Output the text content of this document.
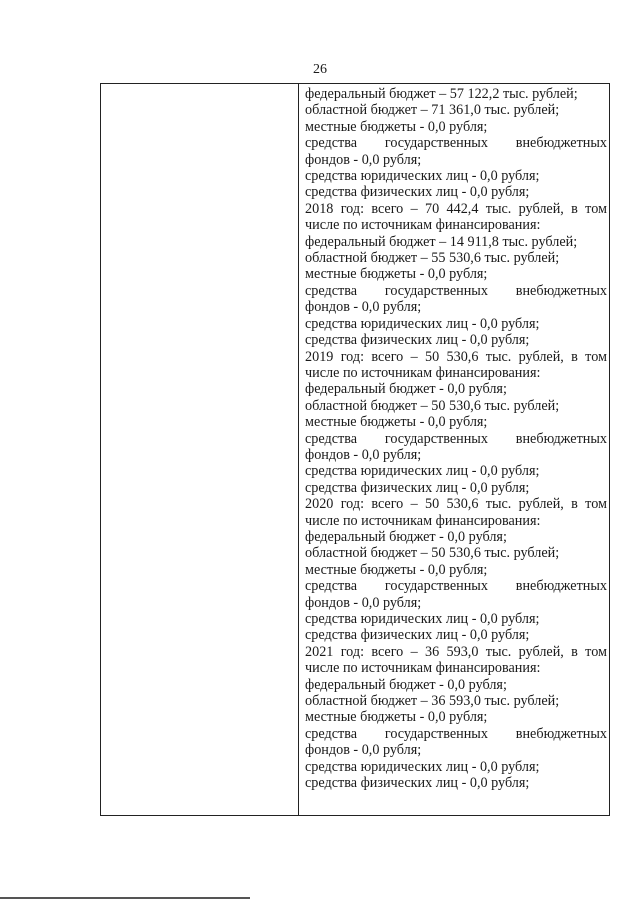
26
федеральный бюджет – 57 122,2 тыс. рублей;
областной бюджет – 71 361,0 тыс. рублей;
местные бюджеты - 0,0 рубля;
средства государственных внебюджетных
фондов - 0,0 рубля;
средства юридических лиц - 0,0 рубля;
средства физических лиц - 0,0 рубля;
2018 год: всего – 70 442,4 тыс. рублей, в том
числе по источникам финансирования:
федеральный бюджет – 14 911,8 тыс. рублей;
областной бюджет – 55 530,6 тыс. рублей;
местные бюджеты - 0,0 рубля;
средства государственных внебюджетных
фондов - 0,0 рубля;
средства юридических лиц - 0,0 рубля;
средства физических лиц - 0,0 рубля;
2019 год: всего – 50 530,6 тыс. рублей, в том
числе по источникам финансирования:
федеральный бюджет - 0,0 рубля;
областной бюджет – 50 530,6 тыс. рублей;
местные бюджеты - 0,0 рубля;
средства государственных внебюджетных
фондов - 0,0 рубля;
средства юридических лиц - 0,0 рубля;
средства физических лиц - 0,0 рубля;
2020 год: всего – 50 530,6 тыс. рублей, в том
числе по источникам финансирования:
федеральный бюджет - 0,0 рубля;
областной бюджет – 50 530,6 тыс. рублей;
местные бюджеты - 0,0 рубля;
средства государственных внебюджетных
фондов - 0,0 рубля;
средства юридических лиц - 0,0 рубля;
средства физических лиц - 0,0 рубля;
2021 год: всего – 36 593,0 тыс. рублей, в том
числе по источникам финансирования:
федеральный бюджет - 0,0 рубля;
областной бюджет – 36 593,0 тыс. рублей;
местные бюджеты - 0,0 рубля;
средства государственных внебюджетных
фондов - 0,0 рубля;
средства юридических лиц - 0,0 рубля;
средства физических лиц - 0,0 рубля;
